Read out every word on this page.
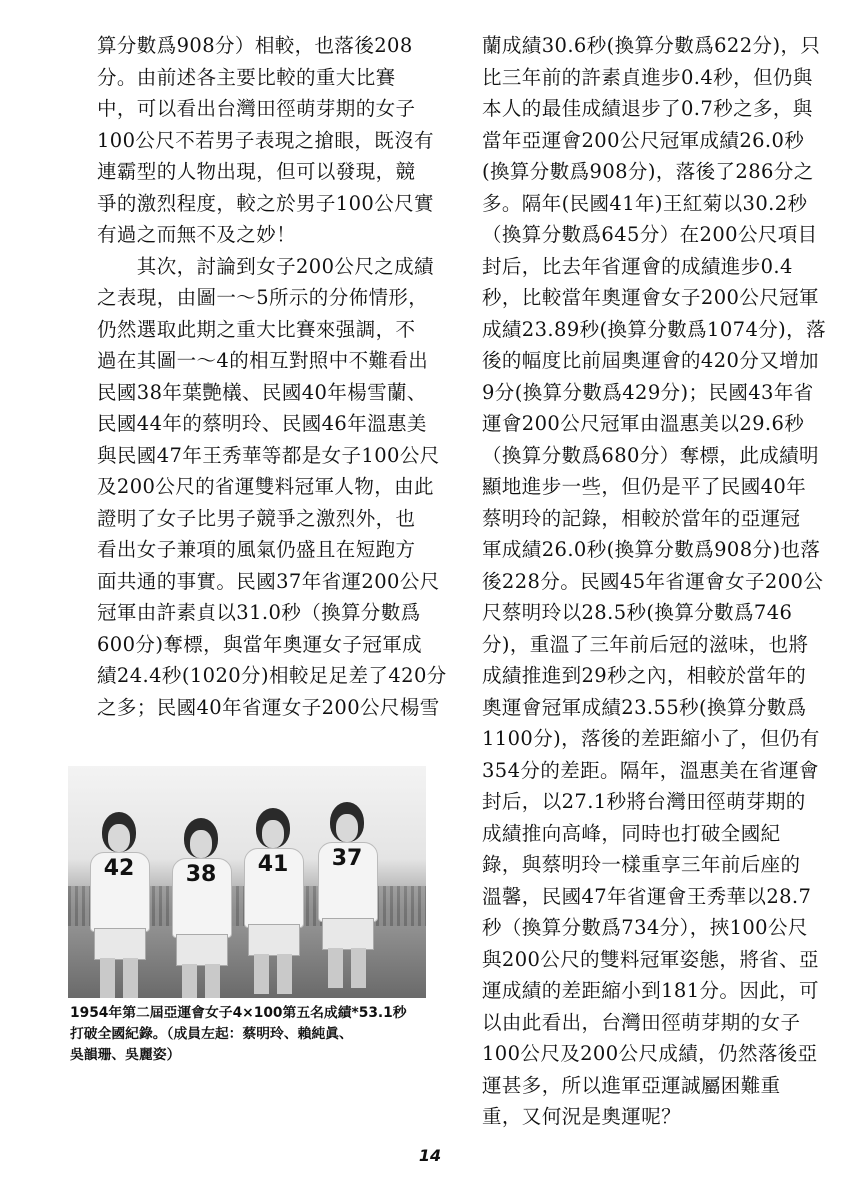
算分數爲908分）相較，也落後208

分。由前述各主要比較的重大比賽

中，可以看出台灣田徑萌芽期的女子

100公尺不若男子表現之搶眼，既沒有

連霸型的人物出現，但可以發現，競

爭的激烈程度，較之於男子100公尺實

有過之而無不及之妙！

　　其次，討論到女子200公尺之成績

之表現，由圖一～5所示的分佈情形，

仍然選取此期之重大比賽來强調，不

過在其圖一～4的相互對照中不難看出

民國38年葉艷檥、民國40年楊雪蘭、

民國44年的蔡明玲、民國46年溫惠美

與民國47年王秀華等都是女子100公尺

及200公尺的省運雙料冠軍人物，由此

證明了女子比男子競爭之激烈外，也

看出女子兼項的風氣仍盛且在短跑方

面共通的事實。民國37年省運200公尺

冠軍由許素貞以31.0秒（換算分數爲

600分)奪標，與當年奧運女子冠軍成

績24.4秒(1020分)相較足足差了420分

之多；民國40年省運女子200公尺楊雪

蘭成績30.6秒(換算分數爲622分)，只

比三年前的許素貞進步0.4秒，但仍與

本人的最佳成績退步了0.7秒之多，與

當年亞運會200公尺冠軍成績26.0秒

(換算分數爲908分)，落後了286分之

多。隔年(民國41年)王紅菊以30.2秒

（換算分數爲645分）在200公尺項目

封后，比去年省運會的成績進步0.4

秒，比較當年奧運會女子200公尺冠軍

成績23.89秒(換算分數爲1074分)，落

後的幅度比前屆奧運會的420分又增加

9分(換算分數爲429分)；民國43年省

運會200公尺冠軍由溫惠美以29.6秒

（換算分數爲680分）奪標，此成績明

顯地進步一些，但仍是平了民國40年

蔡明玲的記錄，相較於當年的亞運冠

軍成績26.0秒(換算分數爲908分)也落

後228分。民國45年省運會女子200公

尺蔡明玲以28.5秒(換算分數爲746

分)，重溫了三年前后冠的滋味，也將

成績推進到29秒之內，相較於當年的

奧運會冠軍成績23.55秒(換算分數爲

1100分)，落後的差距縮小了，但仍有

354分的差距。隔年，溫惠美在省運會

封后，以27.1秒將台灣田徑萌芽期的

成績推向高峰，同時也打破全國紀

錄，與蔡明玲一樣重享三年前后座的

溫馨，民國47年省運會王秀華以28.7

秒（換算分數爲734分），挾100公尺

與200公尺的雙料冠軍姿態，將省、亞

運成績的差距縮小到181分。因此，可

以由此看出，台灣田徑萌芽期的女子

100公尺及200公尺成績，仍然落後亞

運甚多，所以進軍亞運誠屬困難重

重，又何況是奧運呢？

42	38	41	37

1954年第二屆亞運會女子4×100第五名成績*53.1秒

打破全國紀錄。（成員左起：蔡明玲、賴純眞、

吳韻珊、吳麗姿）

14
